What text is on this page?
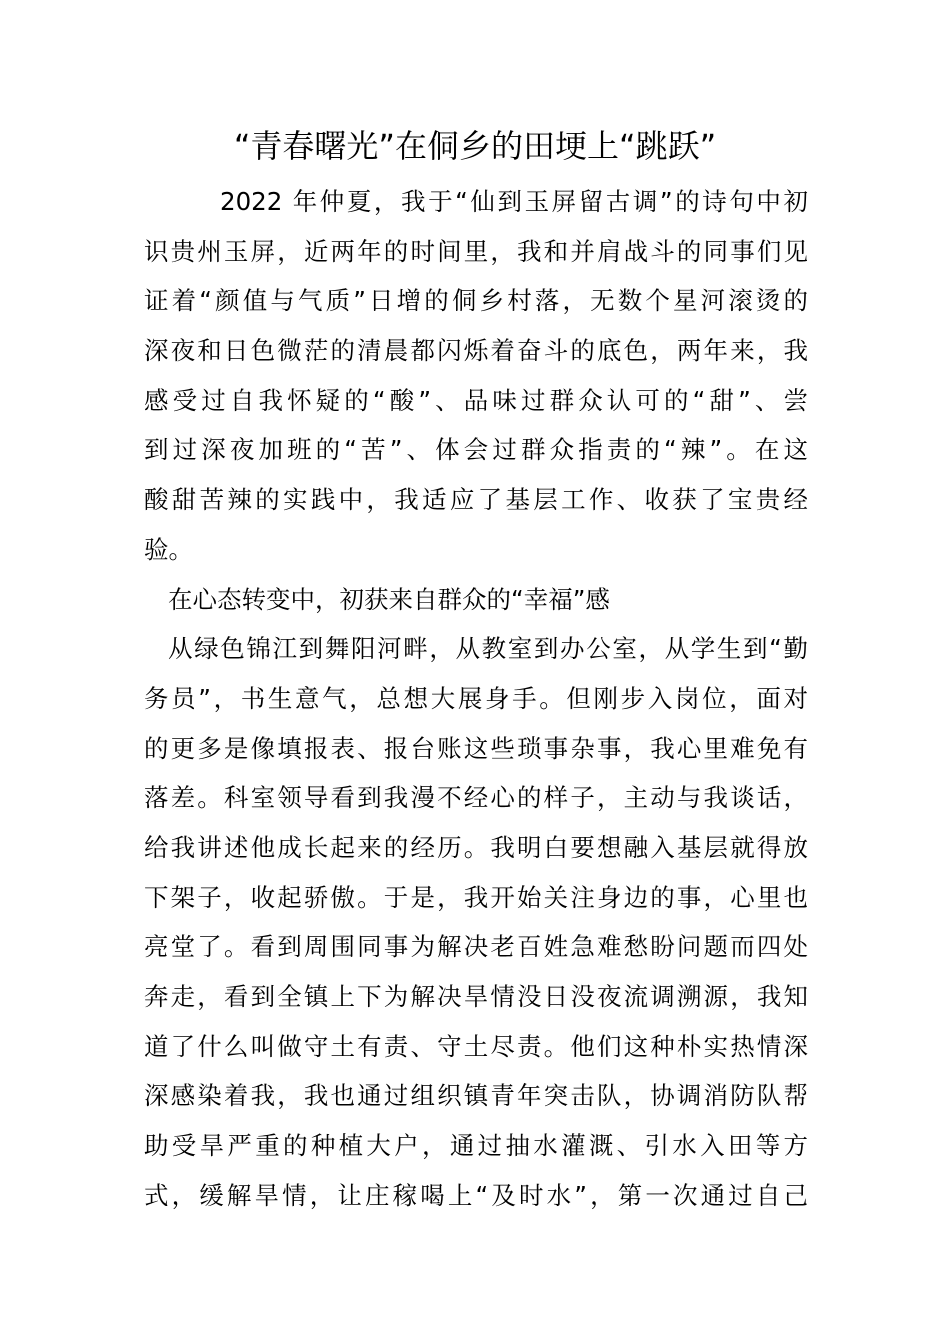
“青春曙光”在侗乡的田埂上“跳跃”
2022 年仲夏，我于“仙到玉屏留古调”的诗句中初
识贵州玉屏，近两年的时间里，我和并肩战斗的同事们见
证着“颜值与气质”日增的侗乡村落，无数个星河滚烫的
深夜和日色微茫的清晨都闪烁着奋斗的底色，两年来，我
感受过自我怀疑的“酸”、品味过群众认可的“甜”、尝
到过深夜加班的“苦”、体会过群众指责的“辣”。在这
酸甜苦辣的实践中，我适应了基层工作、收获了宝贵经
验。
在心态转变中，初获来自群众的“幸福”感
从绿色锦江到舞阳河畔，从教室到办公室，从学生到“勤
务员”，书生意气，总想大展身手。但刚步入岗位，面对
的更多是像填报表、报台账这些琐事杂事，我心里难免有
落差。科室领导看到我漫不经心的样子，主动与我谈话，
给我讲述他成长起来的经历。我明白要想融入基层就得放
下架子，收起骄傲。于是，我开始关注身边的事，心里也
亮堂了。看到周围同事为解决老百姓急难愁盼问题而四处
奔走，看到全镇上下为解决旱情没日没夜流调溯源，我知
道了什么叫做守土有责、守土尽责。他们这种朴实热情深
深感染着我，我也通过组织镇青年突击队，协调消防队帮
助受旱严重的种植大户，通过抽水灌溉、引水入田等方
式，缓解旱情，让庄稼喝上“及时水”，第一次通过自己
